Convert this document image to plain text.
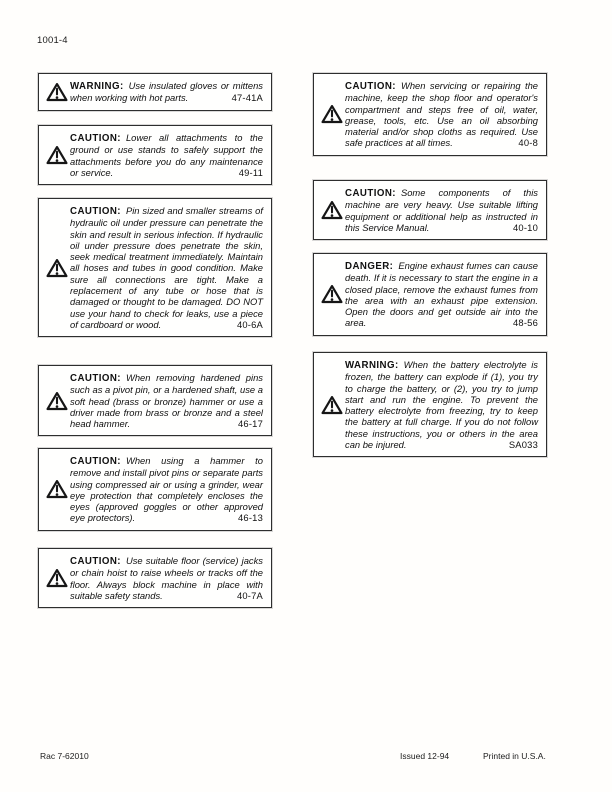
1001-4
WARNING: Use insulated gloves or mittens when working with hot parts.	47-41A
CAUTION: Lower all attachments to the ground or use stands to safely support the attachments before you do any maintenance or service.	49-11
CAUTION: Pin sized and smaller streams of hydraulic oil under pressure can penetrate the skin and result in serious infection. If hydraulic oil under pressure does penetrate the skin, seek medical treatment immediately. Maintain all hoses and tubes in good condition. Make sure all connections are tight. Make a replacement of any tube or hose that is damaged or thought to be damaged. DO NOT use your hand to check for leaks, use a piece of cardboard or wood.	40-6A
CAUTION: When removing hardened pins such as a pivot pin, or a hardened shaft, use a soft head (brass or bronze) hammer or use a driver made from brass or bronze and a steel head hammer.	46-17
CAUTION: When using a hammer to remove and install pivot pins or separate parts using compressed air or using a grinder, wear eye protection that completely encloses the eyes (approved goggles or other approved eye protectors).	46-13
CAUTION: Use suitable floor (service) jacks or chain hoist to raise wheels or tracks off the floor. Always block machine in place with suitable safety stands.	40-7A
CAUTION: When servicing or repairing the machine, keep the shop floor and operator's compartment and steps free of oil, water, grease, tools, etc. Use an oil absorbing material and/or shop cloths as required. Use safe practices at all times.	40-8
CAUTION: Some components of this machine are very heavy. Use suitable lifting equipment or additional help as instructed in this Service Manual.	40-10
DANGER: Engine exhaust fumes can cause death. If it is necessary to start the engine in a closed place, remove the exhaust fumes from the area with an exhaust pipe extension. Open the doors and get outside air into the area.	48-56
WARNING: When the battery electrolyte is frozen, the battery can explode if (1), you try to charge the battery, or (2), you try to jump start and run the engine. To prevent the battery electrolyte from freezing, try to keep the battery at full charge. If you do not follow these instructions, you or others in the area can be injured.	SA033
Rac 7-62010	Issued 12-94	Printed in U.S.A.
